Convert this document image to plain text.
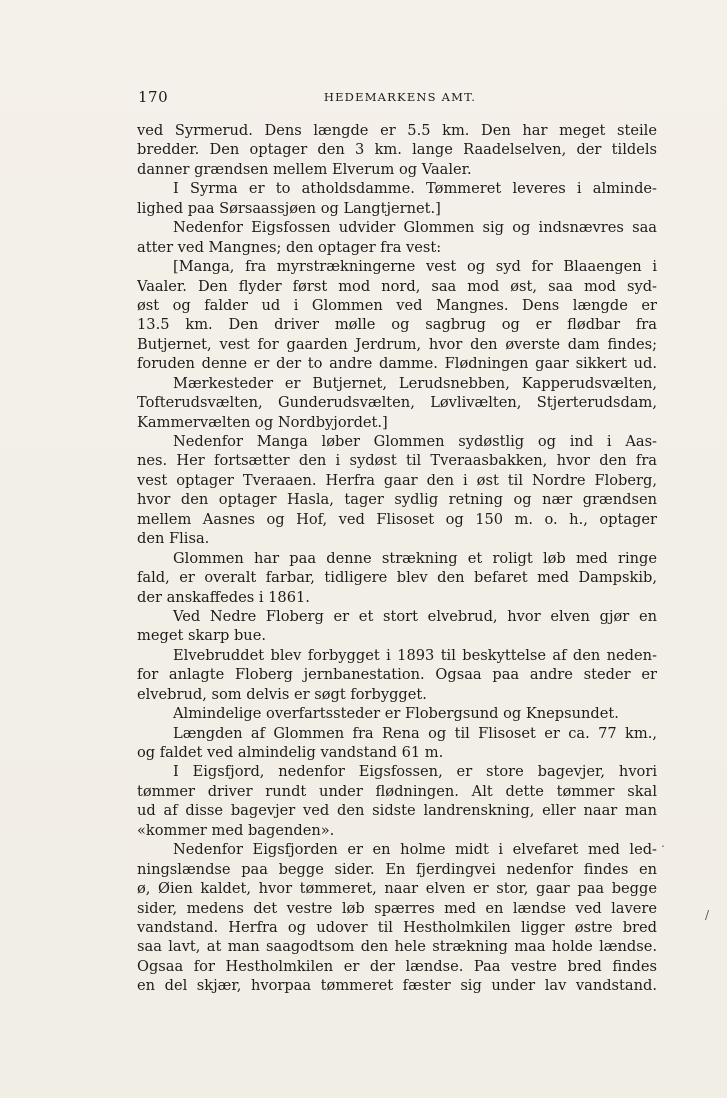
170	HEDEMARKENS AMT.
ved Syrmerud. Dens længde er 5.5 km. Den har meget steile
bredder. Den optager den 3 km. lange Raadelselven, der tildels
danner grændsen mellem Elverum og Vaaler.
I Syrma er to atholdsdamme. Tømmeret leveres i alminde-
lighed paa Sørsaassjøen og Langtjernet.]
Nedenfor Eigsfossen udvider Glommen sig og indsnævres saa
atter ved Mangnes; den optager fra vest:
[Manga, fra myrstrækningerne vest og syd for Blaaengen i
Vaaler. Den flyder først mod nord, saa mod øst, saa mod syd-
øst og falder ud i Glommen ved Mangnes. Dens længde er
13.5 km. Den driver mølle og sagbrug og er flødbar fra
Butjernet, vest for gaarden Jerdrum, hvor den øverste dam findes;
foruden denne er der to andre damme. Flødningen gaar sikkert ud.
Mærkesteder er Butjernet, Lerudsnebben, Kapperudsvælten,
Tofterudsvælten, Gunderudsvælten, Løvlivælten, Stjerterudsdam,
Kammervælten og Nordbyjordet.]
Nedenfor Manga løber Glommen sydøstlig og ind i Aas-
nes. Her fortsætter den i sydøst til Tveraasbakken, hvor den fra
vest optager Tveraaen. Herfra gaar den i øst til Nordre Floberg,
hvor den optager Hasla, tager sydlig retning og nær grændsen
mellem Aasnes og Hof, ved Flisoset og 150 m. o. h., optager
den Flisa.
Glommen har paa denne strækning et roligt løb med ringe
fald, er overalt farbar, tidligere blev den befaret med Dampskib,
der anskaffedes i 1861.
Ved Nedre Floberg er et stort elvebrud, hvor elven gjør en
meget skarp bue.
Elvebruddet blev forbygget i 1893 til beskyttelse af den neden-
for anlagte Floberg jernbanestation. Ogsaa paa andre steder er
elvebrud, som delvis er søgt forbygget.
Almindelige overfartssteder er Flobergsund og Knepsundet.
Længden af Glommen fra Rena og til Flisoset er ca. 77 km.,
og faldet ved almindelig vandstand 61 m.
I Eigsfjord, nedenfor Eigsfossen, er store bagevjer, hvori
tømmer driver rundt under flødningen. Alt dette tømmer skal
ud af disse bagevjer ved den sidste landrenskning, eller naar man
«kommer med bagenden».
Nedenfor Eigsfjorden er en holme midt i elvefaret med led-
ningslændse paa begge sider. En fjerdingvei nedenfor findes en
ø, Øien kaldet, hvor tømmeret, naar elven er stor, gaar paa begge
sider, medens det vestre løb spærres med en lændse ved lavere
vandstand. Herfra og udover til Hestholmkilen ligger østre bred
saa lavt, at man saagodtsom den hele strækning maa holde lændse.
Ogsaa for Hestholmkilen er der lændse. Paa vestre bred findes
en del skjær, hvorpaa tømmeret fæster sig under lav vandstand.
.
/
